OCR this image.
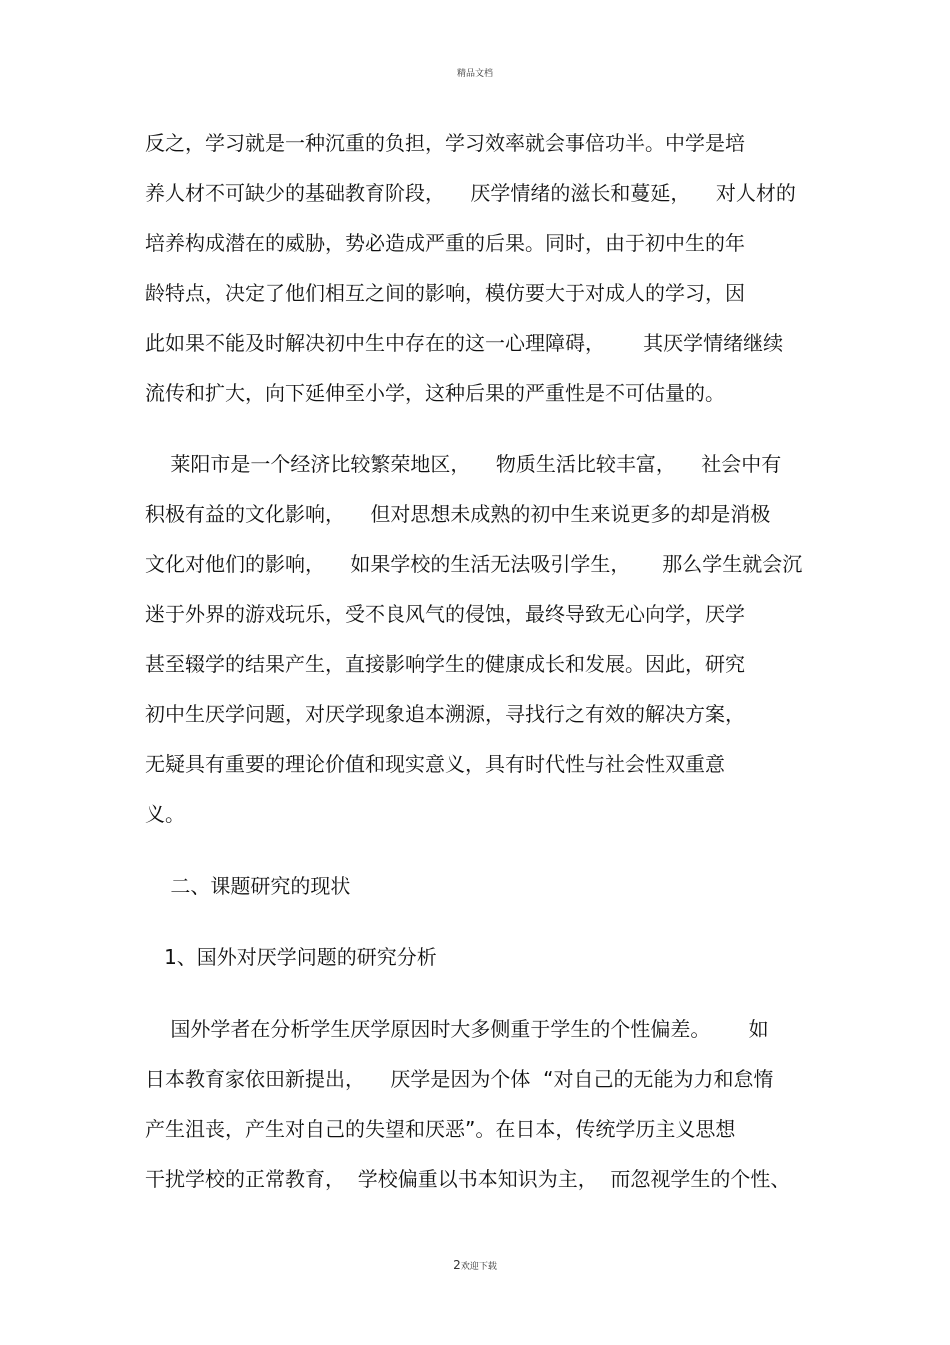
精品文档
反之，学习就是一种沉重的负担，学习效率就会事倍功半。中学是培
养人材不可缺少的基础教育阶段，    厌学情绪的滋长和蔓延，    对人材的
培养构成潜在的威胁，势必造成严重的后果。同时，由于初中生的年
龄特点，决定了他们相互之间的影响，模仿要大于对成人的学习，因
此如果不能及时解决初中生中存在的这一心理障碍，      其厌学情绪继续
流传和扩大，向下延伸至小学，这种后果的严重性是不可估量的。
莱阳市是一个经济比较繁荣地区，    物质生活比较丰富，    社会中有
积极有益的文化影响，    但对思想未成熟的初中生来说更多的却是消极
文化对他们的影响，    如果学校的生活无法吸引学生，     那么学生就会沉
迷于外界的游戏玩乐，受不良风气的侵蚀，最终导致无心向学，厌学
甚至辍学的结果产生，直接影响学生的健康成长和发展。因此，研究
初中生厌学问题，对厌学现象追本溯源，寻找行之有效的解决方案，
无疑具有重要的理论价值和现实意义，具有时代性与社会性双重意
义。
二、课题研究的现状
1、国外对厌学问题的研究分析
国外学者在分析学生厌学原因时大多侧重于学生的个性偏差。      如
日本教育家依田新提出，    厌学是因为个体  “对自己的无能为力和怠惰
产生沮丧，产生对自己的失望和厌恶”。在日本，传统学历主义思想
干扰学校的正常教育，  学校偏重以书本知识为主，  而忽视学生的个性、
2欢迎下载
